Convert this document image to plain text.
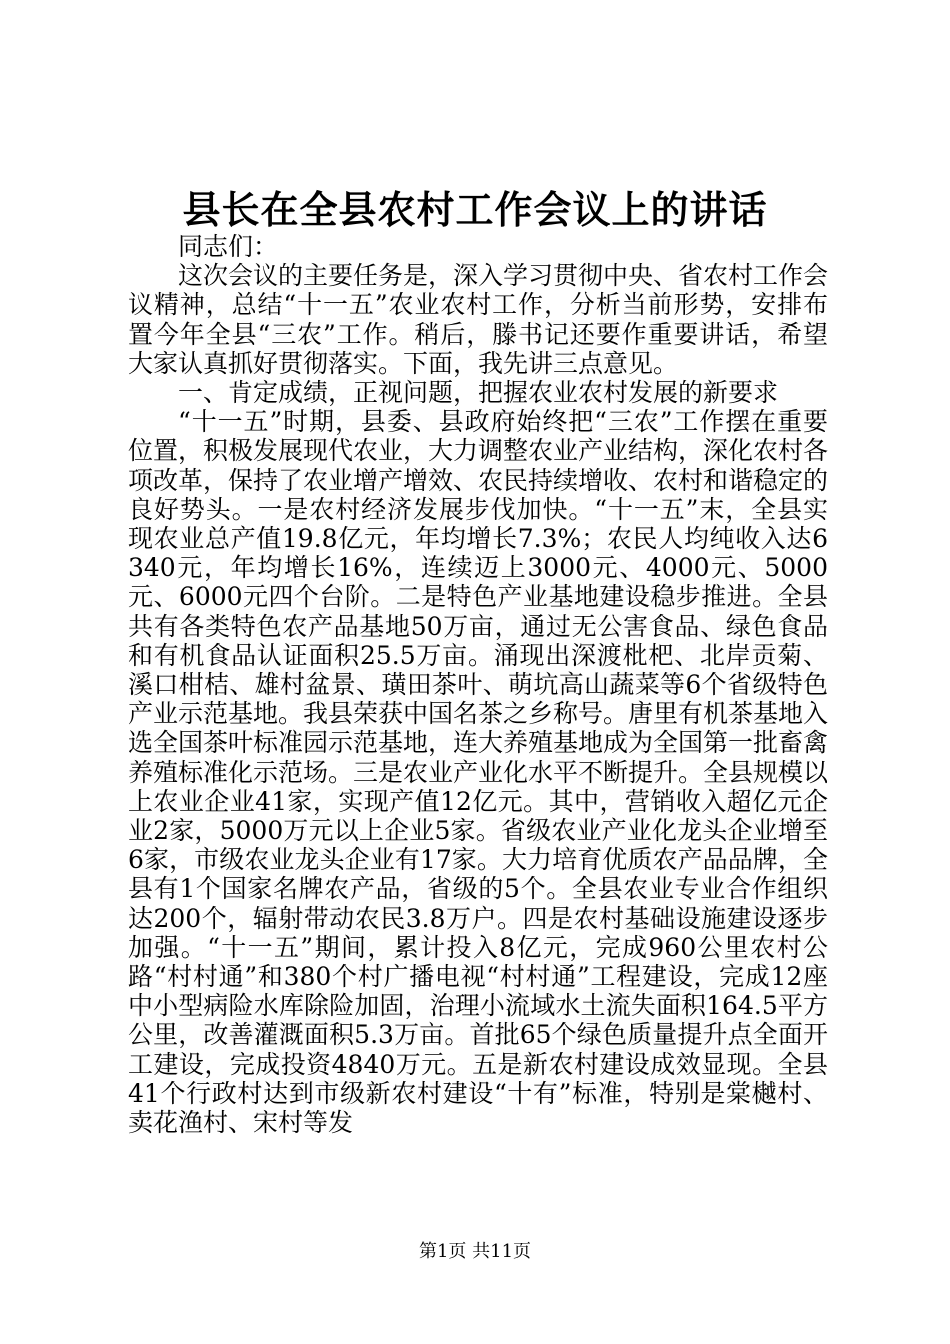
县长在全县农村工作会议上的讲话

同志们：

这次会议的主要任务是，深入学习贯彻中央、省农村工作会议精神，总结“十一五”农业农村工作，分析当前形势，安排布置今年全县“三农”工作。稍后，滕书记还要作重要讲话，希望大家认真抓好贯彻落实。下面，我先讲三点意见。

一、肯定成绩，正视问题，把握农业农村发展的新要求

“十一五”时期，县委、县政府始终把“三农”工作摆在重要位置，积极发展现代农业，大力调整农业产业结构，深化农村各项改革，保持了农业增产增效、农民持续增收、农村和谐稳定的良好势头。一是农村经济发展步伐加快。“十一五”末，全县实现农业总产值19.8亿元，年均增长7.3%；农民人均纯收入达6340元，年均增长16%，连续迈上3000元、4000元、5000元、6000元四个台阶。二是特色产业基地建设稳步推进。全县共有各类特色农产品基地50万亩，通过无公害食品、绿色食品和有机食品认证面积25.5万亩。涌现出深渡枇杷、北岸贡菊、溪口柑桔、雄村盆景、璜田茶叶、萌坑高山蔬菜等6个省级特色产业示范基地。我县荣获中国名茶之乡称号。唐里有机茶基地入选全国茶叶标准园示范基地，连大养殖基地成为全国第一批畜禽养殖标准化示范场。三是农业产业化水平不断提升。全县规模以上农业企业41家，实现产值12亿元。其中，营销收入超亿元企业2家，5000万元以上企业5家。省级农业产业化龙头企业增至6家，市级农业龙头企业有17家。大力培育优质农产品品牌，全县有1个国家名牌农产品，省级的5个。全县农业专业合作组织达200个，辐射带动农民3.8万户。四是农村基础设施建设逐步加强。“十一五”期间，累计投入8亿元，完成960公里农村公路“村村通”和380个村广播电视“村村通”工程建设，完成12座中小型病险水库除险加固，治理小流域水土流失面积164.5平方公里，改善灌溉面积5.3万亩。首批65个绿色质量提升点全面开工建设，完成投资4840万元。五是新农村建设成效显现。全县41个行政村达到市级新农村建设“十有”标准，特别是棠樾村、卖花渔村、宋村等发

第1页 共11页
